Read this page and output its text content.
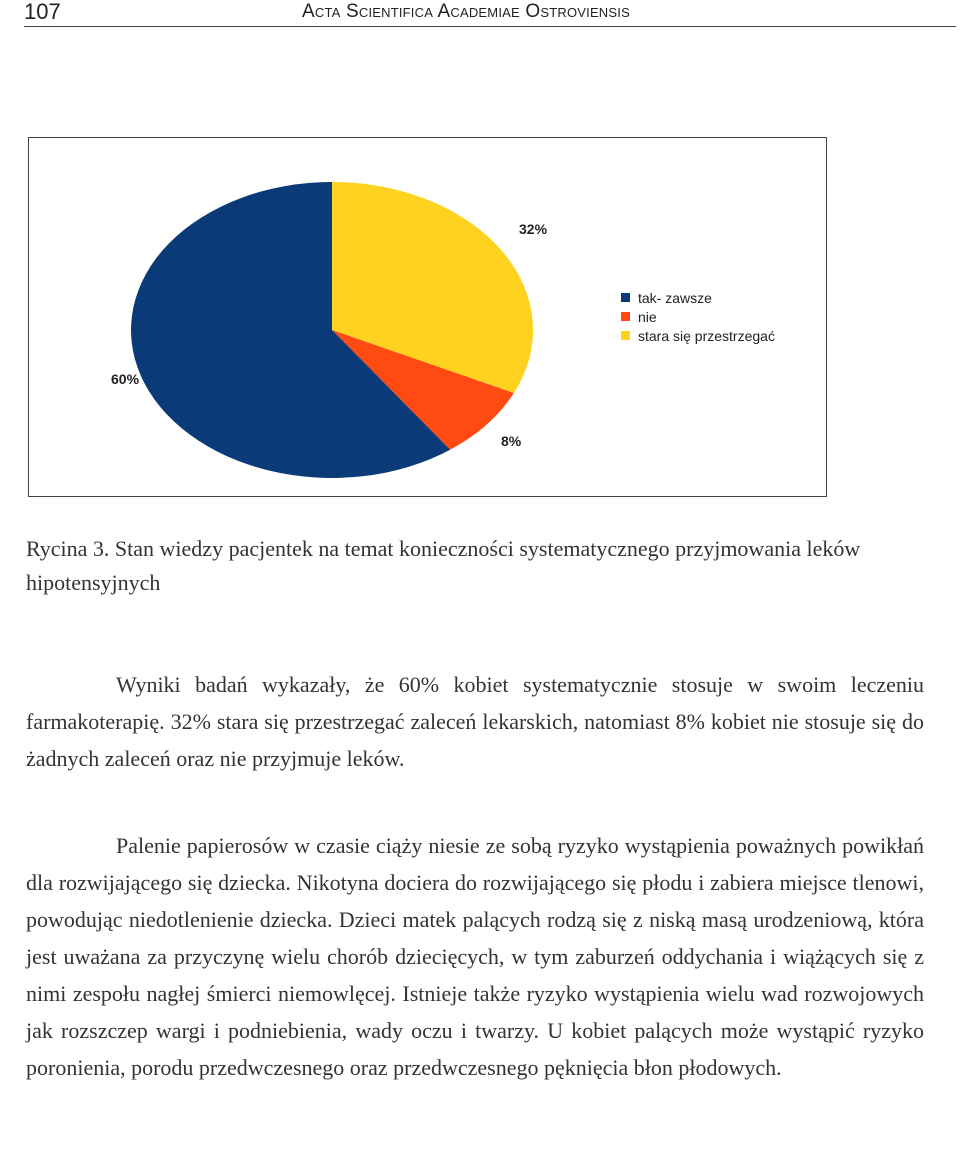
107	Acta Scientifica Academiae Ostroviensis
60%
8%
32%
tak- zawsze
nie
stara się przestrzegać
Rycina 3. Stan wiedzy pacjentek na temat konieczności systematycznego przyjmowania leków hipotensyjnych

Wyniki badań wykazały, że 60% kobiet systematycznie stosuje w swoim leczeniu farmakoterapię. 32% stara się przestrzegać zaleceń lekarskich, natomiast 8% kobiet nie stosuje się do żadnych zaleceń oraz nie przyjmuje leków.

Palenie papierosów w czasie ciąży niesie ze sobą ryzyko wystąpienia poważnych powikłań dla rozwijającego się dziecka. Nikotyna dociera do rozwijającego się płodu i zabiera miejsce tlenowi, powodując niedotlenienie dziecka. Dzieci matek palących rodzą się z niską masą urodzeniową, która jest uważana za przyczynę wielu chorób dziecięcych, w tym zaburzeń oddychania i wiążących się z nimi zespołu nagłej śmierci niemowlęcej. Istnieje także ryzyko wystąpienia wielu wad rozwojowych jak rozszczep wargi i podniebienia, wady oczu i twarzy. U kobiet palących może wystąpić ryzyko poronienia, porodu przedwczesnego oraz przedwczesnego pęknięcia błon płodowych.
